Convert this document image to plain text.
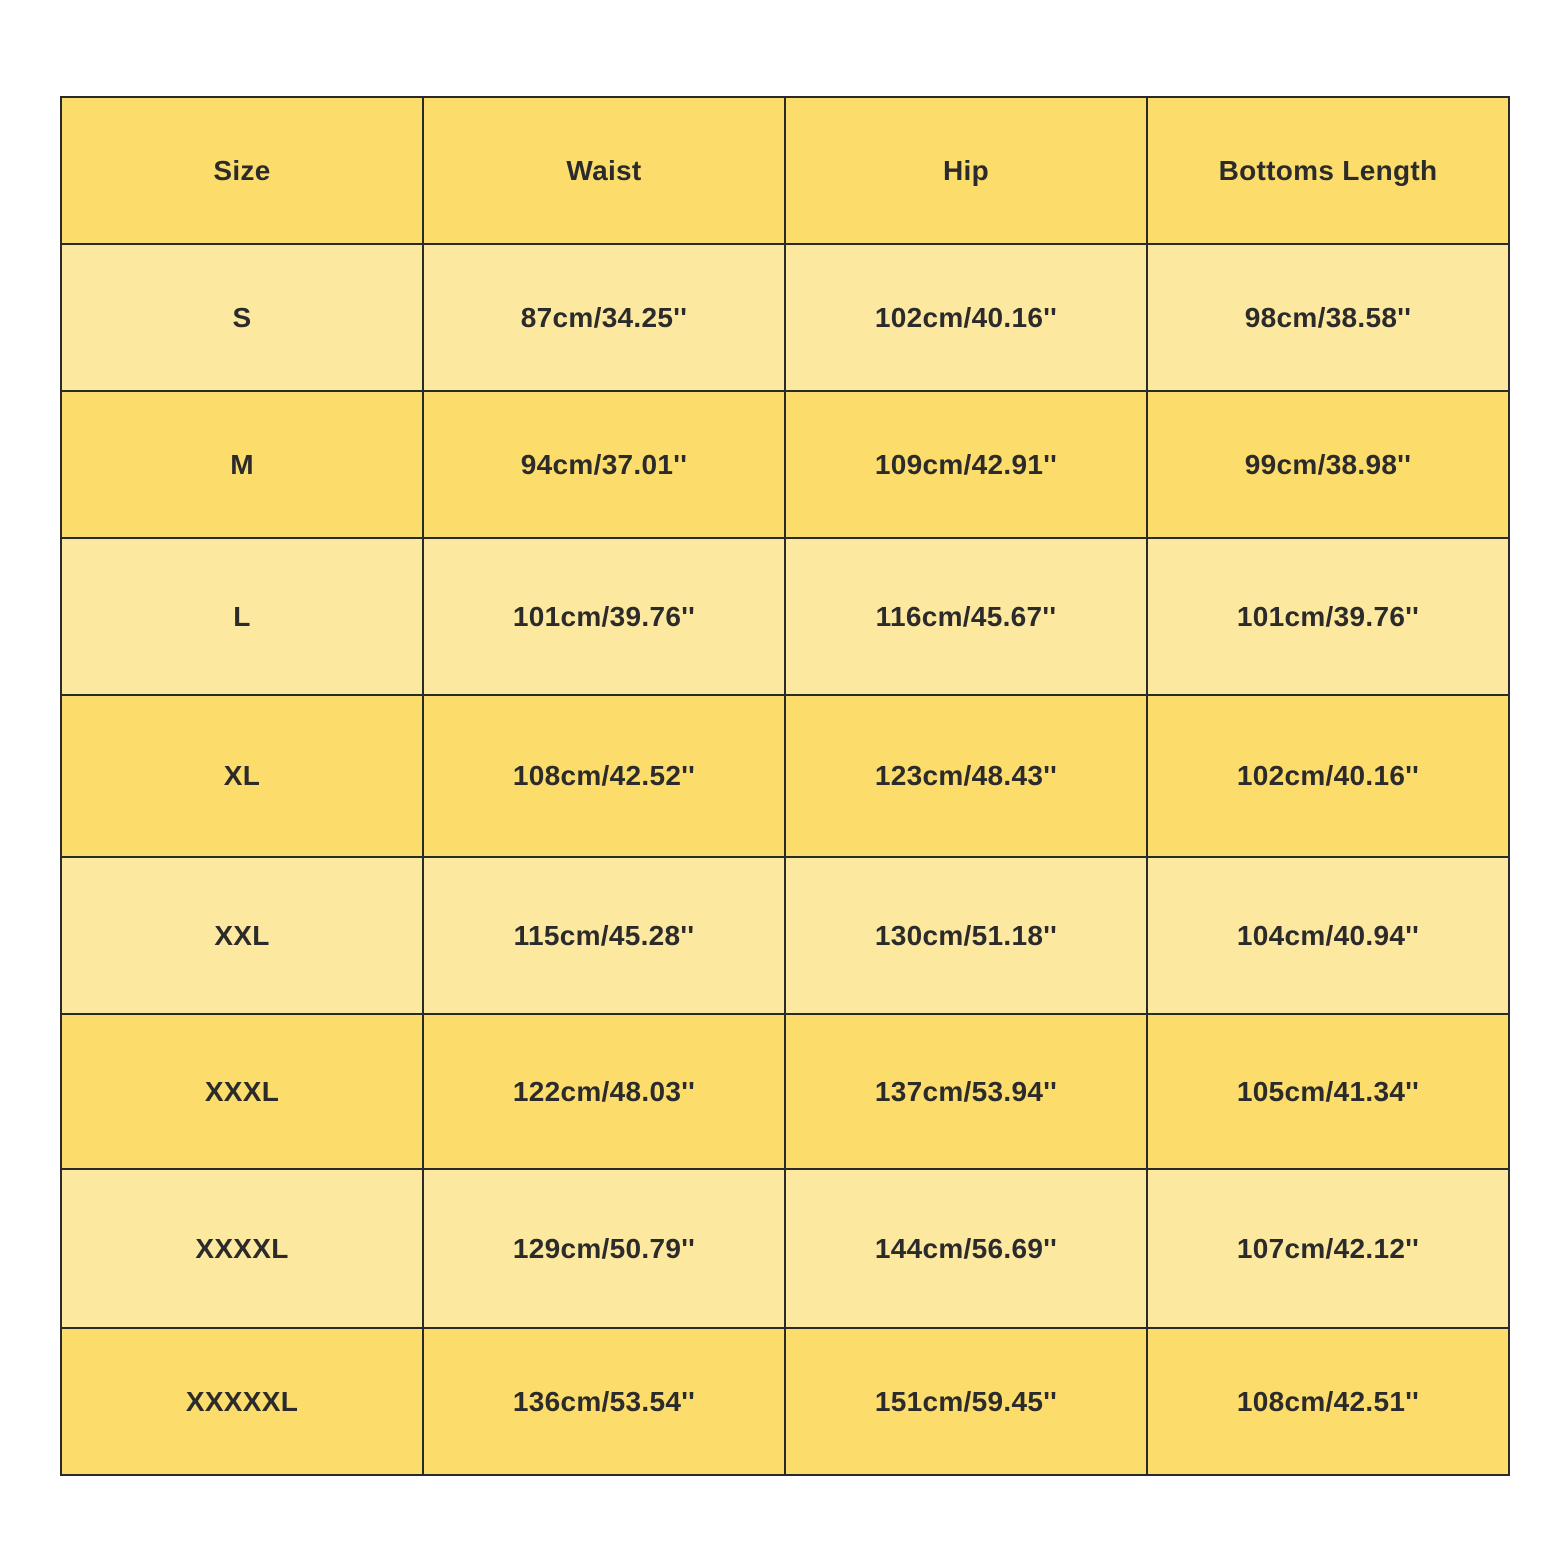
Size	Waist	Hip	Bottoms Length
S	87cm/34.25''	102cm/40.16''	98cm/38.58''
M	94cm/37.01''	109cm/42.91''	99cm/38.98''
L	101cm/39.76''	116cm/45.67''	101cm/39.76''
XL	108cm/42.52''	123cm/48.43''	102cm/40.16''
XXL	115cm/45.28''	130cm/51.18''	104cm/40.94''
XXXL	122cm/48.03''	137cm/53.94''	105cm/41.34''
XXXXL	129cm/50.79''	144cm/56.69''	107cm/42.12''
XXXXXL	136cm/53.54''	151cm/59.45''	108cm/42.51''
